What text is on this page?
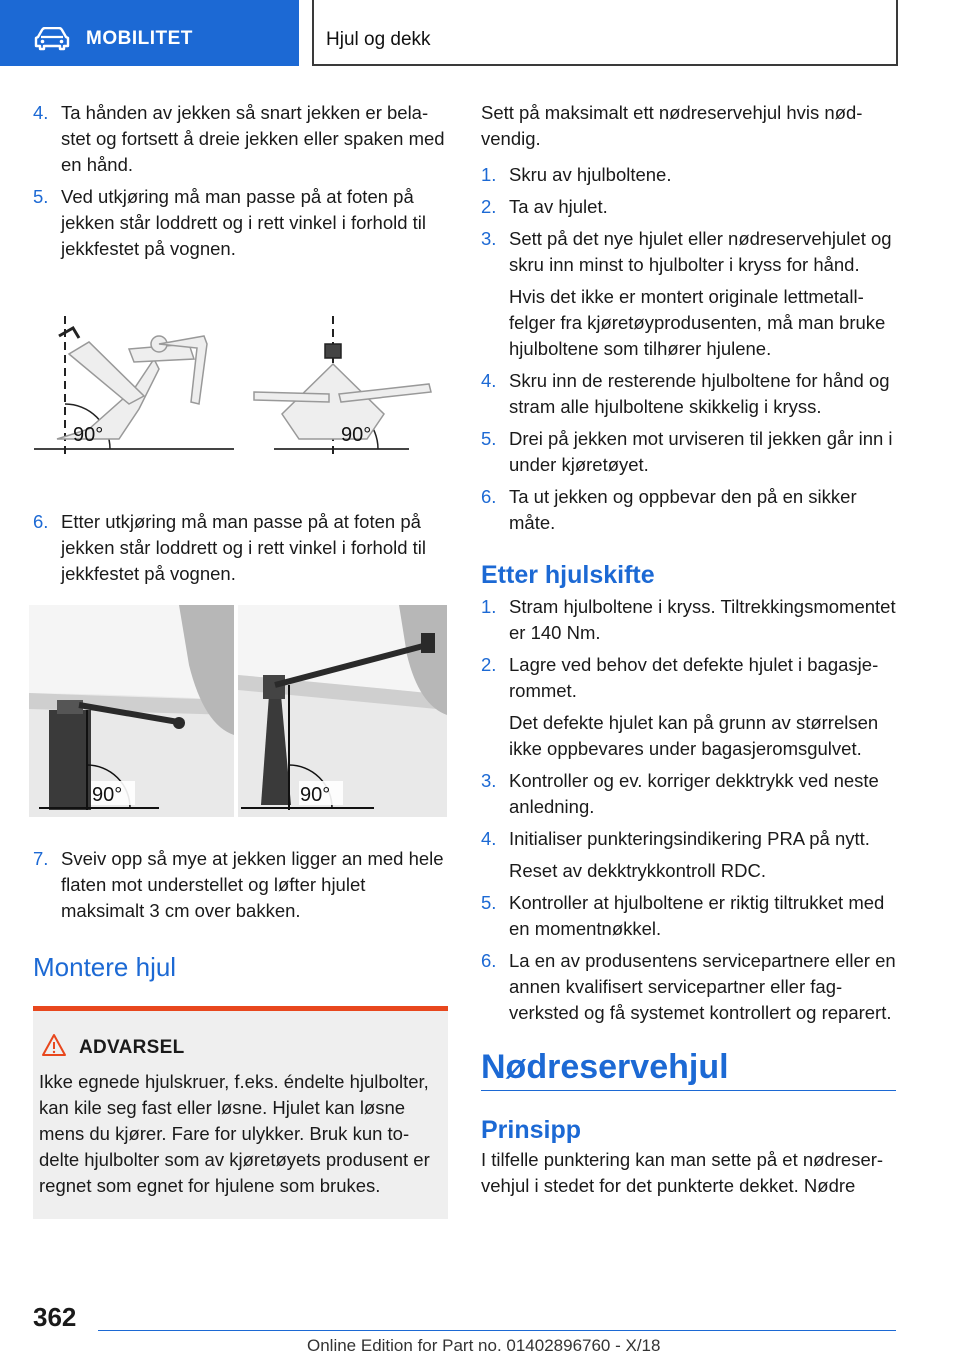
MOBILITET	Hjul og dekk
4. Ta hånden av jekken så snart jekken er belastet og fortsett å dreie jekken eller spaken med en hånd.
5. Ved utkjøring må man passe på at foten på jekken står loddrett og i rett vinkel i forhold til jekkfestet på vognen.
90°	90°
6. Etter utkjøring må man passe på at foten på jekken står loddrett og i rett vinkel i forhold til jekkfestet på vognen.
90°	90°
7. Sveiv opp så mye at jekken ligger an med hele flaten mot understellet og løfter hjulet maksimalt 3 cm over bakken.
Montere hjul
ADVARSEL
Ikke egnede hjulskruer, f.eks. éndelte hjulbolter, kan kile seg fast eller løsne. Hjulet kan løsne mens du kjører. Fare for ulykker. Bruk kun todelte hjulbolter som av kjøretøyets produsent er regnet som egnet for hjulene som brukes.
Sett på maksimalt ett nødreservehjul hvis nødvendig.
1. Skru av hjulboltene.
2. Ta av hjulet.
3. Sett på det nye hjulet eller nødreservehjulet og skru inn minst to hjulbolter i kryss for hånd.
Hvis det ikke er montert originale lettmetallfelger fra kjøretøyprodusenten, må man bruke hjulboltene som tilhører hjulene.
4. Skru inn de resterende hjulboltene for hånd og stram alle hjulboltene skikkelig i kryss.
5. Drei på jekken mot urviseren til jekken går inn i under kjøretøyet.
6. Ta ut jekken og oppbevar den på en sikker måte.
Etter hjulskifte
1. Stram hjulboltene i kryss. Tiltrekkingsmomentet er 140 Nm.
2. Lagre ved behov det defekte hjulet i bagasjerommet.
Det defekte hjulet kan på grunn av størrelsen ikke oppbevares under bagasjeromsgulvet.
3. Kontroller og ev. korriger dekktrykk ved neste anledning.
4. Initialiser punkteringsindikering PRA på nytt.
Reset av dekktrykkontroll RDC.
5. Kontroller at hjulboltene er riktig tiltrukket med en momentnøkkel.
6. La en av produsentens servicepartnere eller en annen kvalifisert servicepartner eller fagverksted og få systemet kontrollert og reparert.
Nødreservehjul
Prinsipp
I tilfelle punktering kan man sette på et nødreservehjul i stedet for det punkterte dekket. Nødre
362
Online Edition for Part no. 01402896760 - X/18
